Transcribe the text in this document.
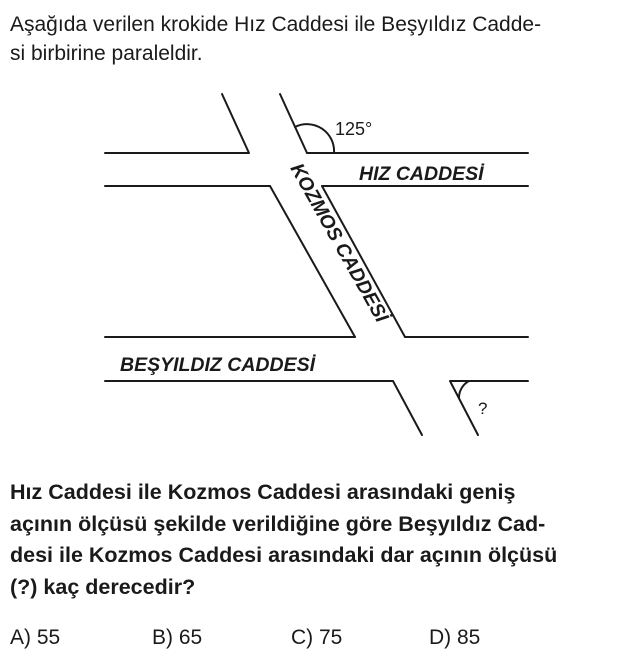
Aşağıda verilen krokide Hız Caddesi ile Beşyıldız Cadde-
si birbirine paraleldir.
125°
?
HIZ CADDESİ
BEŞYILDIZ CADDESİ
KOZMOS CADDESİ
Hız Caddesi ile Kozmos Caddesi arasındaki geniş
açının ölçüsü şekilde verildiğine göre Beşyıldız Cad-
desi ile Kozmos Caddesi arasındaki dar açının ölçüsü
(?) kaç derecedir?
A) 55	B) 65	C) 75	D) 85
